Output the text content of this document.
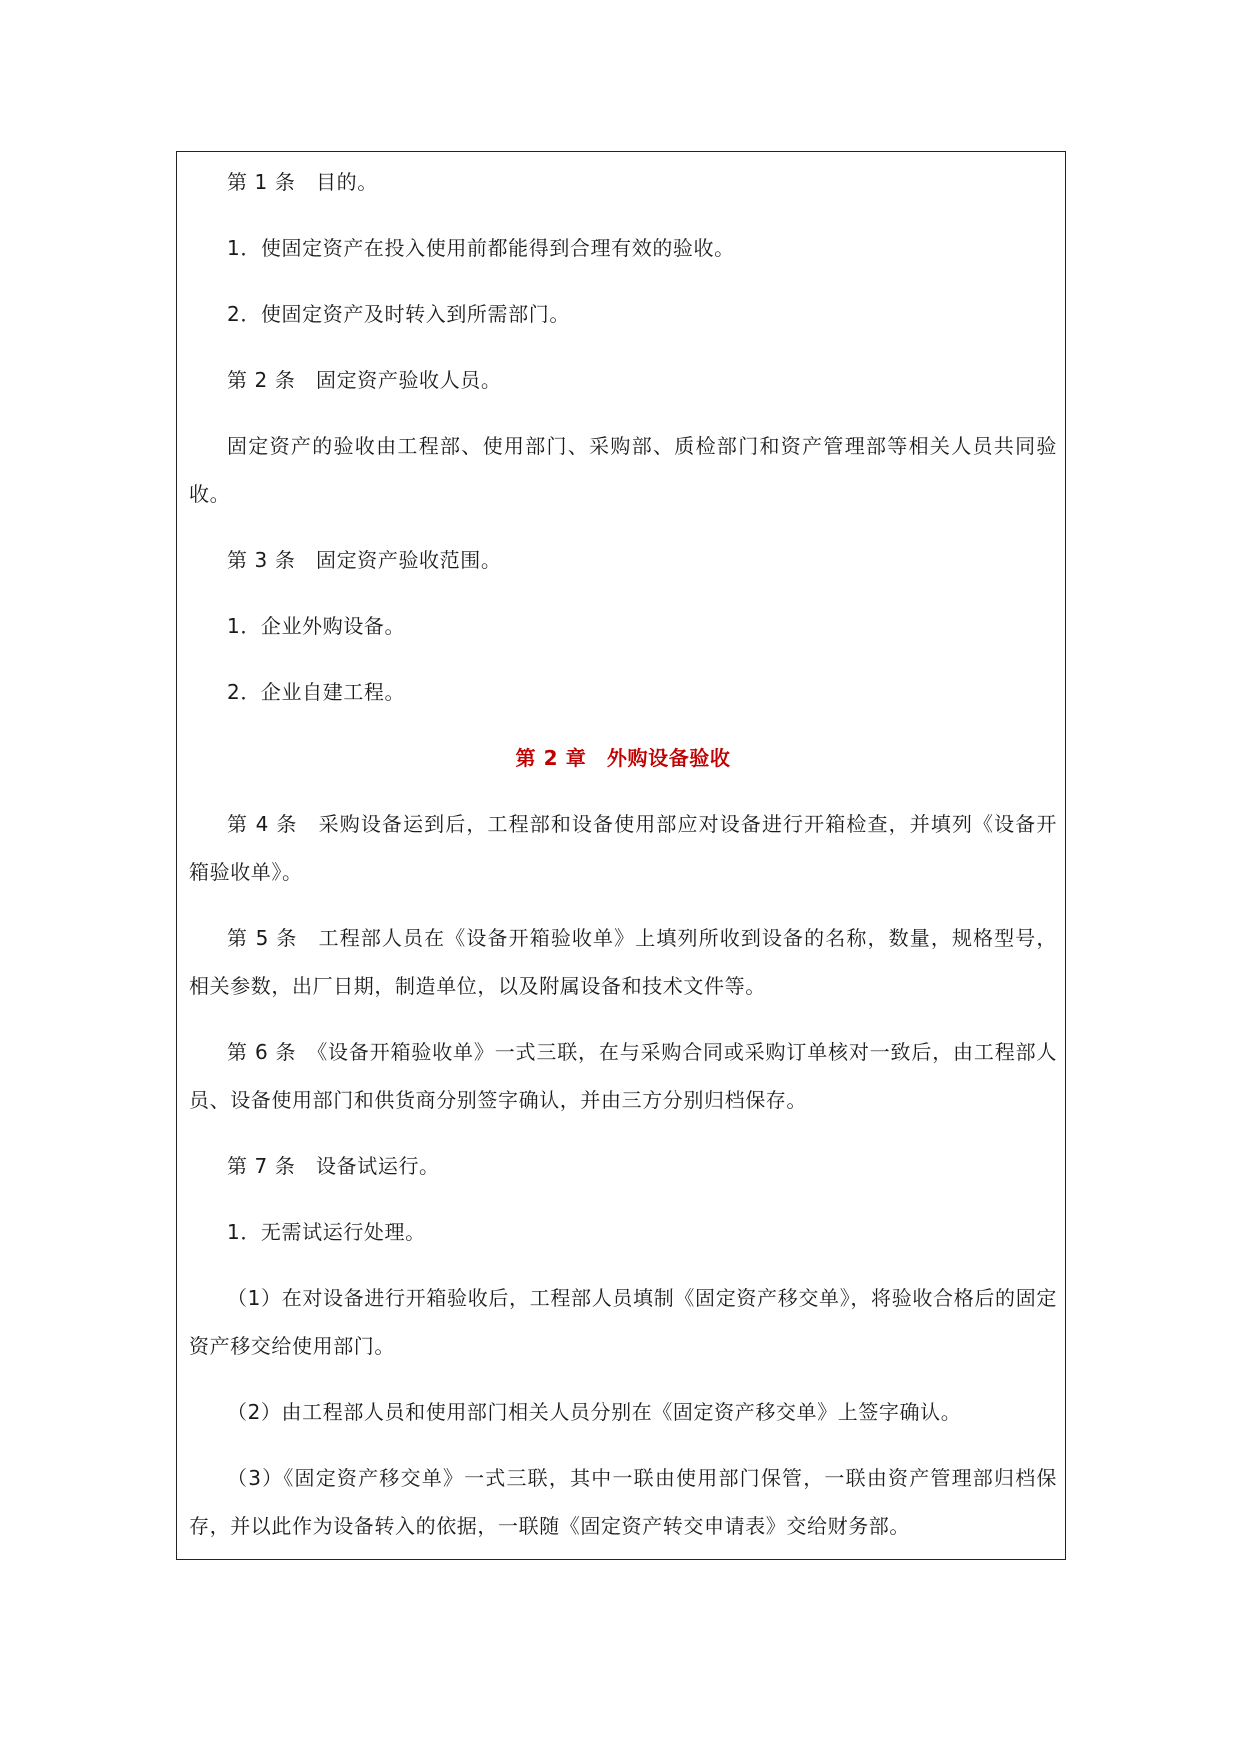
第 1 条　目的。

1．使固定资产在投入使用前都能得到合理有效的验收。

2．使固定资产及时转入到所需部门。

第 2 条　固定资产验收人员。

固定资产的验收由工程部、使用部门、采购部、质检部门和资产管理部等相关人员共同验收。

第 3 条　固定资产验收范围。

1．企业外购设备。

2．企业自建工程。

第 2 章　外购设备验收

第 4 条　采购设备运到后，工程部和设备使用部应对设备进行开箱检查，并填列《设备开箱验收单》。

第 5 条　工程部人员在《设备开箱验收单》上填列所收到设备的名称，数量，规格型号，相关参数，出厂日期，制造单位，以及附属设备和技术文件等。

第 6 条　《设备开箱验收单》一式三联，在与采购合同或采购订单核对一致后，由工程部人员、设备使用部门和供货商分别签字确认，并由三方分别归档保存。

第 7 条　设备试运行。

1．无需试运行处理。

（1）在对设备进行开箱验收后，工程部人员填制《固定资产移交单》，将验收合格后的固定资产移交给使用部门。

（2）由工程部人员和使用部门相关人员分别在《固定资产移交单》上签字确认。

（3）《固定资产移交单》一式三联，其中一联由使用部门保管，一联由资产管理部归档保存，并以此作为设备转入的依据，一联随《固定资产转交申请表》交给财务部。
